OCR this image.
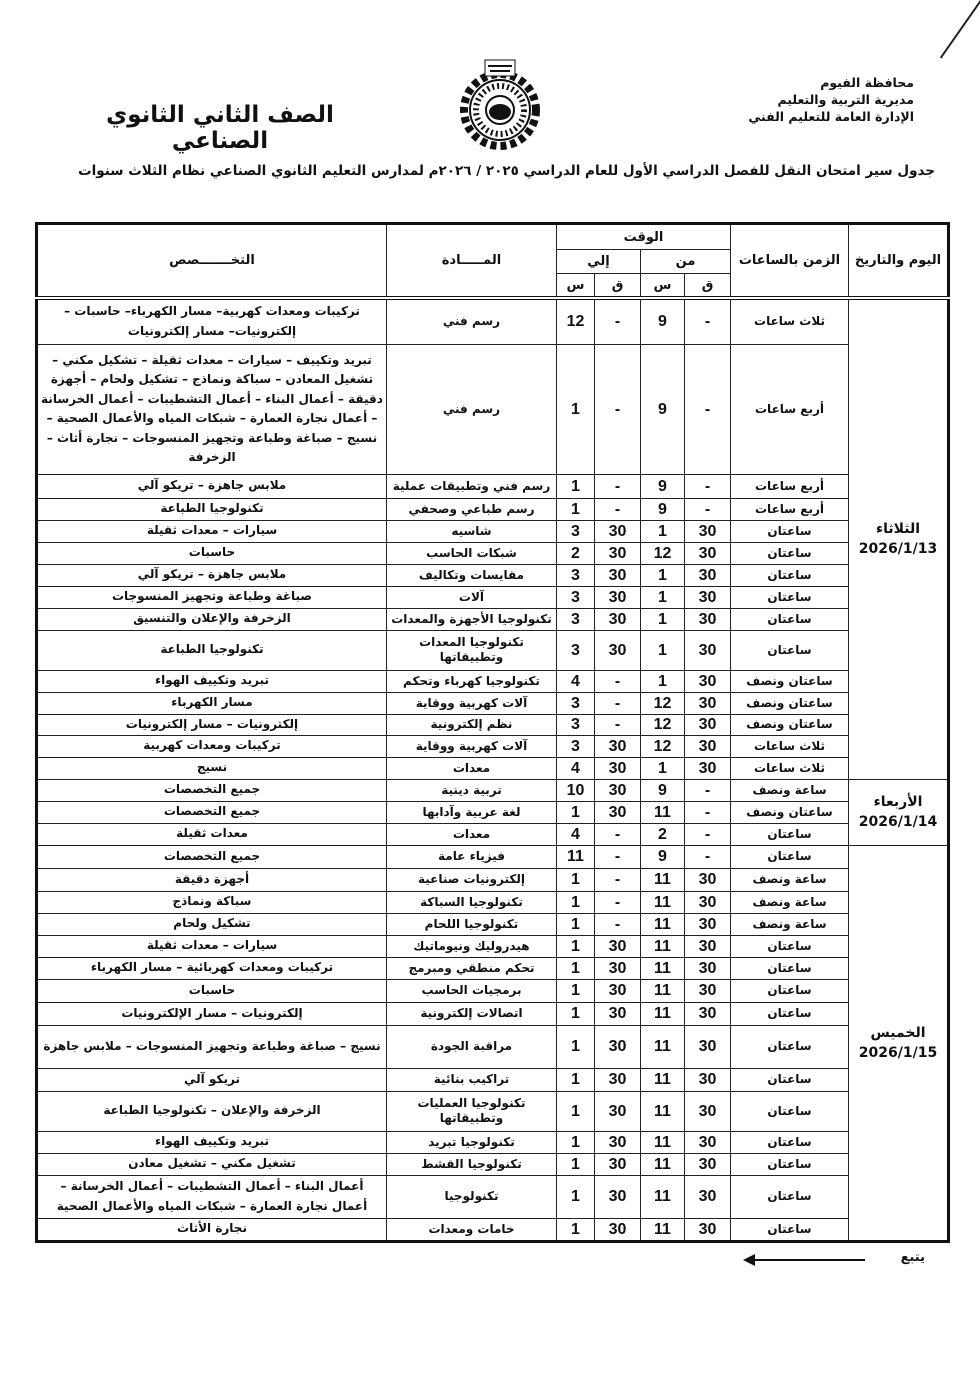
محافظة الفيوم
مديرية التربية والتعليم
الإدارة العامة للتعليم الفني
الصف الثاني الثانوي الصناعي
جدول سير امتحان النقل للفصل الدراسي الأول للعام الدراسي ٢٠٢٥ / ٢٠٢٦م لمدارس التعليم الثانوي الصناعي نظام الثلاث سنوات
اليوم والتاريخ	الزمن بالساعات	الوقت				المـــــادة	التخـــــــصص
		من		إلي			
		ق	س	ق	س		

الثلاثاء
2026/1/13	ثلاث ساعات	-	9	-	12	رسم فني	تركيبات ومعدات كهربية– مسار الكهرباء– حاسبات – إلكترونيات– مسار إلكترونيات
	أربع ساعات	-	9	-	1	رسم فني	تبريد وتكييف – سيارات – معدات ثقيلة – تشكيل مكني – تشغيل المعادن – سباكة ونماذج – تشكيل ولحام – أجهزة دقيقة – أعمال البناء – أعمال التشطيبات – أعمال الخرسانة – أعمال نجارة العمارة – شبكات المياه والأعمال الصحية – نسيج – صباغة وطباعة وتجهيز المنسوجات – نجارة أثاث – الزخرفة
	أربع ساعات	-	9	-	1	رسم فني وتطبيقات عملية	ملابس جاهزة – تريكو آلي
	أربع ساعات	-	9	-	1	رسم طباعي وصحفي	تكنولوجيا الطباعة
	ساعتان	30	1	30	3	شاسيه	سيارات – معدات ثقيلة
	ساعتان	30	12	30	2	شبكات الحاسب	حاسبات
	ساعتان	30	1	30	3	مقايسات وتكاليف	ملابس جاهزة – تريكو آلي
	ساعتان	30	1	30	3	آلات	صباغة وطباعة وتجهيز المنسوجات
	ساعتان	30	1	30	3	تكنولوجيا الأجهزة والمعدات	الزخرفة والإعلان والتنسيق
	ساعتان	30	1	30	3	تكنولوجيا المعدات وتطبيقاتها	تكنولوجيا الطباعة
	ساعتان ونصف	30	1	-	4	تكنولوجيا كهرباء وتحكم	تبريد وتكييف الهواء
	ساعتان ونصف	30	12	-	3	آلات كهربية ووقاية	مسار الكهرباء
	ساعتان ونصف	30	12	-	3	نظم إلكترونية	إلكترونيات – مسار إلكترونيات
	ثلاث ساعات	30	12	30	3	آلات كهربية ووقاية	تركيبات ومعدات كهربية
	ثلاث ساعات	30	1	30	4	معدات	نسيج

الأربعاء
2026/1/14	ساعة ونصف	-	9	30	10	تربية دينية	جميع التخصصات
	ساعتان ونصف	-	11	30	1	لغة عربية وآدابها	جميع التخصصات
	ساعتان	-	2	-	4	معدات	معدات ثقيلة

الخميس
2026/1/15	ساعتان	-	9	-	11	فيزياء عامة	جميع التخصصات
	ساعة ونصف	30	11	-	1	إلكترونيات صناعية	أجهزة دقيقة
	ساعة ونصف	30	11	-	1	تكنولوجيا السباكة	سباكة ونماذج
	ساعة ونصف	30	11	-	1	تكنولوجيا اللحام	تشكيل ولحام
	ساعتان	30	11	30	1	هيدروليك ونيوماتيك	سيارات – معدات ثقيلة
	ساعتان	30	11	30	1	تحكم منطقي ومبرمج	تركيبات ومعدات كهربائية – مسار الكهرباء
	ساعتان	30	11	30	1	برمجيات الحاسب	حاسبات
	ساعتان	30	11	30	1	اتصالات إلكترونية	إلكترونيات – مسار الإلكترونيات
	ساعتان	30	11	30	1	مراقبة الجودة	نسيج – صباغة وطباعة وتجهيز المنسوجات – ملابس جاهزة
	ساعتان	30	11	30	1	تراكيب بنائية	تريكو آلي
	ساعتان	30	11	30	1	تكنولوجيا العمليات وتطبيقاتها	الزخرفة والإعلان – تكنولوجيا الطباعة
	ساعتان	30	11	30	1	تكنولوجيا تبريد	تبريد وتكييف الهواء
	ساعتان	30	11	30	1	تكنولوجيا القشط	تشغيل مكني – تشغيل معادن
	ساعتان	30	11	30	1	تكنولوجيا	أعمال البناء – أعمال التشطيبات – أعمال الخرسانة – أعمال نجارة العمارة – شبكات المياه والأعمال الصحية
	ساعتان	30	11	30	1	خامات ومعدات	نجارة الأثاث
يتبع
